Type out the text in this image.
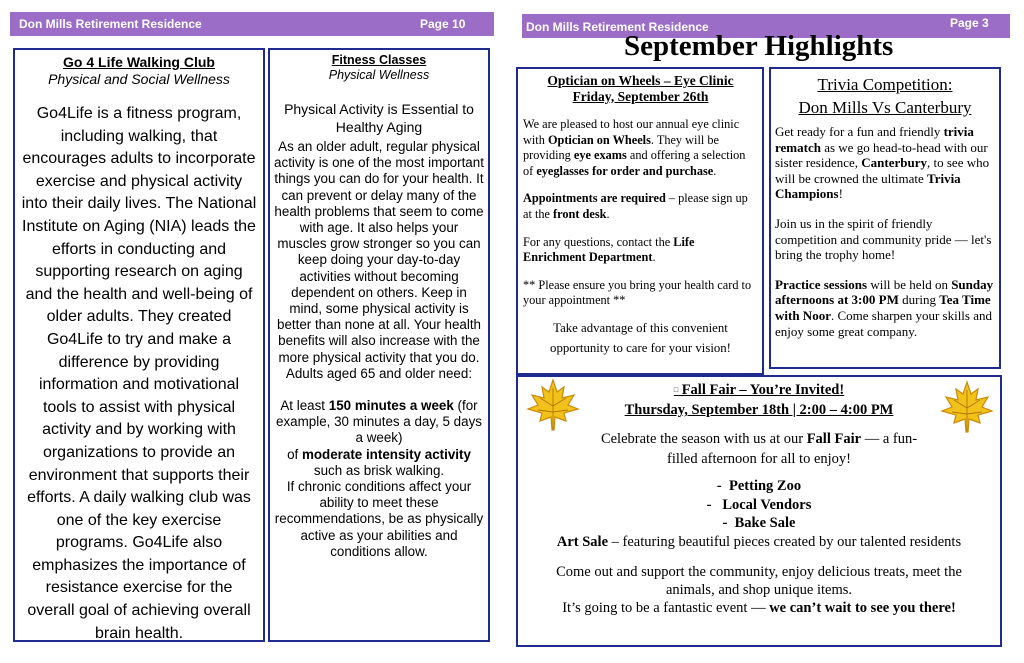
Don Mills Retirement Residence	Page 10

Go 4 Life Walking Club

Physical and Social Wellness

Go4Life is a fitness program, including walking, that encourages adults to incorporate exercise and physical activity into their daily lives. The National Institute on Aging (NIA) leads the efforts in conducting and supporting research on aging and the health and well-being of older adults. They created Go4Life to try and make a difference by providing information and motivational tools to assist with physical activity and by working with organizations to provide an environment that supports their efforts. A daily walking club was one of the key exercise programs. Go4Life also emphasizes the importance of resistance exercise for the overall goal of achieving overall brain health.

Fitness Classes

Physical Wellness

Physical Activity is Essential to Healthy Aging

As an older adult, regular physical activity is one of the most important things you can do for your health. It can prevent or delay many of the health problems that seem to come with age. It also helps your muscles grow stronger so you can keep doing your day-to-day activities without becoming dependent on others. Keep in mind, some physical activity is better than none at all. Your health benefits will also increase with the more physical activity that you do. Adults aged 65 and older need:

At least 150 minutes a week (for example, 30 minutes a day, 5 days a week)
of moderate intensity activity such as brisk walking.

If chronic conditions affect your ability to meet these recommendations, be as physically active as your abilities and conditions allow.

Don Mills Retirement Residence	Page 3
September Highlights

Optician on Wheels – Eye Clinic

Friday, September 26th

We are pleased to host our annual eye clinic with Optician on Wheels. They will be providing eye exams and offering a selection of eyeglasses for order and purchase.

Appointments are required – please sign up at the front desk.

For any questions, contact the Life Enrichment Department.

** Please ensure you bring your health card to your appointment **

Take advantage of this convenient opportunity to care for your vision!

Trivia Competition:

Don Mills Vs Canterbury

Get ready for a fun and friendly trivia rematch as we go head-to-head with our sister residence, Canterbury, to see who will be crowned the ultimate Trivia Champions!

Join us in the spirit of friendly competition and community pride — let's bring the trophy home!

Practice sessions will be held on Sunday afternoons at 3:00 PM during Tea Time with Noor. Come sharpen your skills and enjoy some great company.

□ Fall Fair – You’re Invited!

Thursday, September 18th | 2:00 – 4:00 PM

Celebrate the season with us at our Fall Fair — a fun-filled afternoon for all to enjoy!

-  Petting Zoo

-   Local Vendors

-  Bake Sale

Art Sale – featuring beautiful pieces created by our talented residents

Come out and support the community, enjoy delicious treats, meet the animals, and shop unique items.

It’s going to be a fantastic event — we can’t wait to see you there!
